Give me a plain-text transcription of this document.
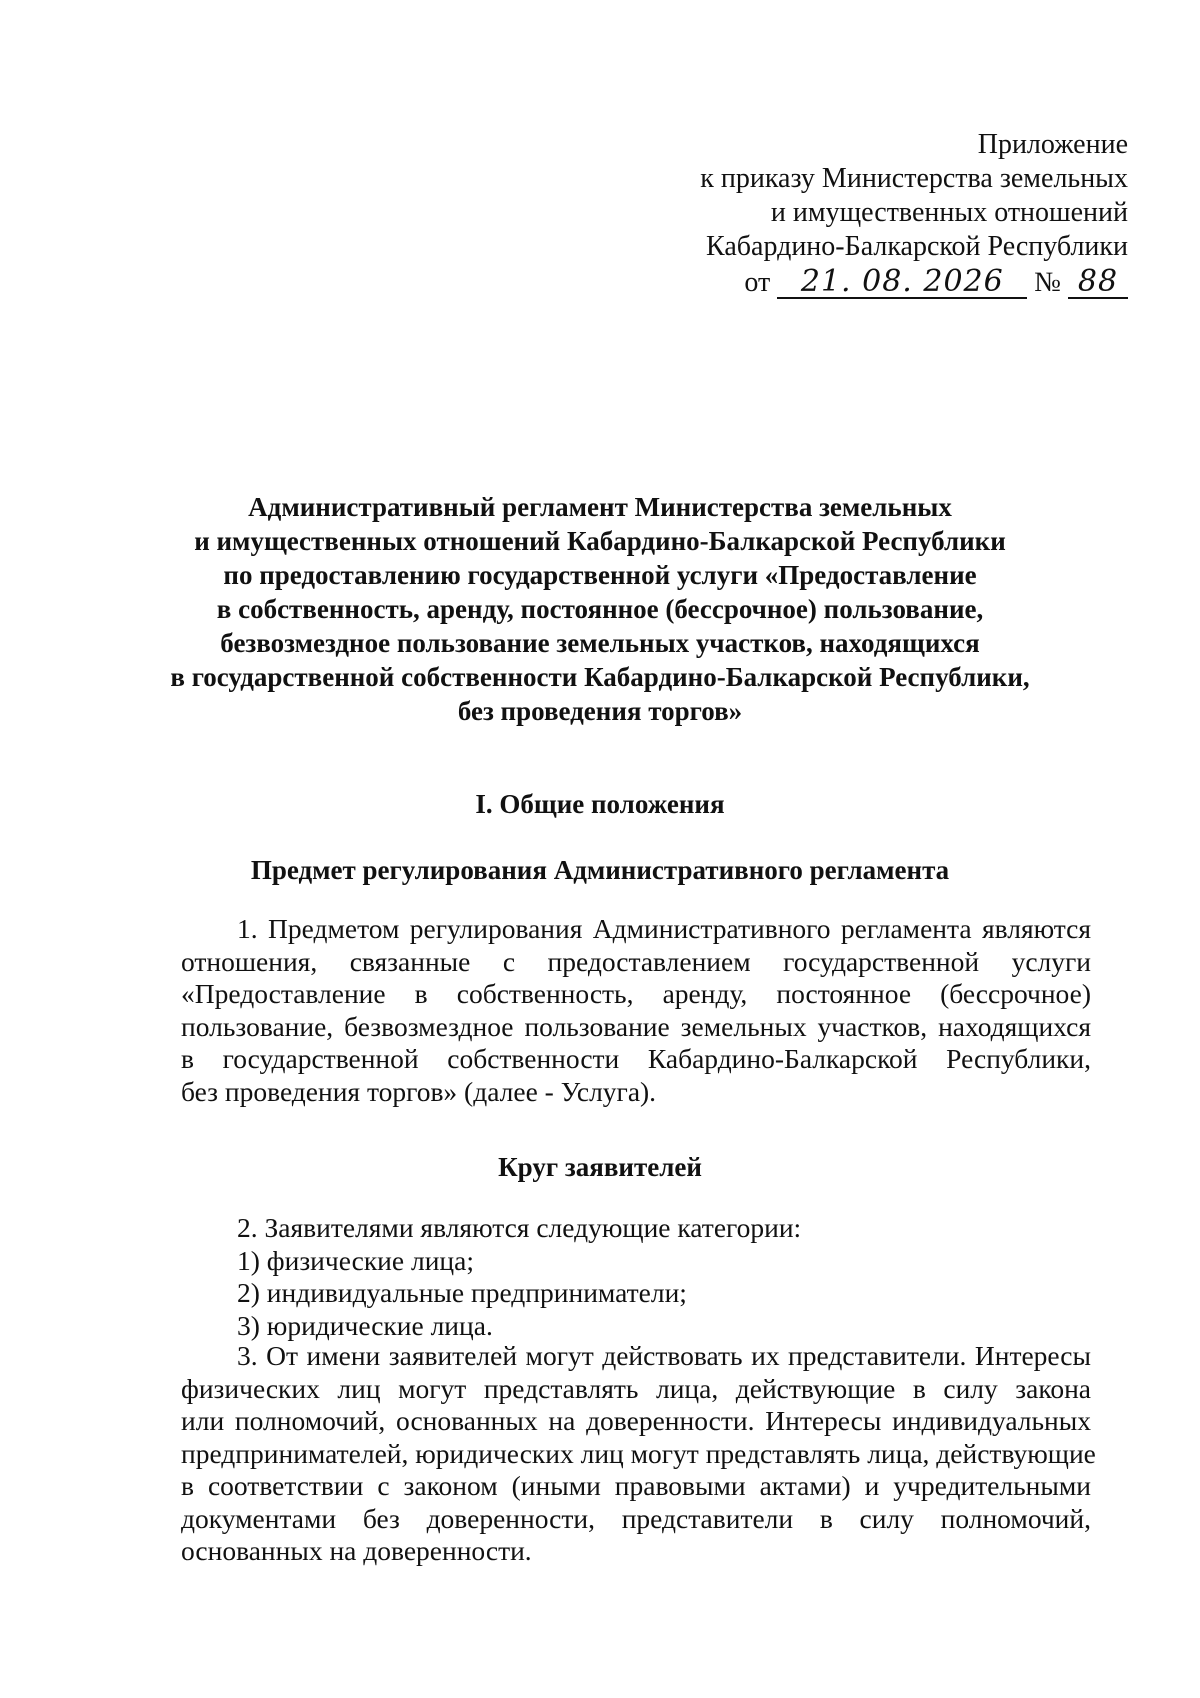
Приложение
к приказу Министерства земельных
и имущественных отношений
Кабардино-Балкарской Республики
от 21. 08. 2026 № 88
Административный регламент Министерства земельных
и имущественных отношений Кабардино-Балкарской Республики
по предоставлению государственной услуги «Предоставление
в собственность, аренду, постоянное (бессрочное) пользование,
безвозмездное пользование земельных участков, находящихся
в государственной собственности Кабардино-Балкарской Республики,
без проведения торгов»
I. Общие положения
Предмет регулирования Административного регламента
1. Предметом регулирования Административного регламента являются
отношения, связанные с предоставлением государственной услуги
«Предоставление в собственность, аренду, постоянное (бессрочное)
пользование, безвозмездное пользование земельных участков, находящихся
в государственной собственности Кабардино-Балкарской Республики,
без проведения торгов» (далее - Услуга).
Круг заявителей
2. Заявителями являются следующие категории:
1) физические лица;
2) индивидуальные предприниматели;
3) юридические лица.
3. От имени заявителей могут действовать их представители. Интересы
физических лиц могут представлять лица, действующие в силу закона
или полномочий, основанных на доверенности. Интересы индивидуальных
предпринимателей, юридических лиц могут представлять лица, действующие
в соответствии с законом (иными правовыми актами) и учредительными
документами без доверенности, представители в силу полномочий,
основанных на доверенности.
